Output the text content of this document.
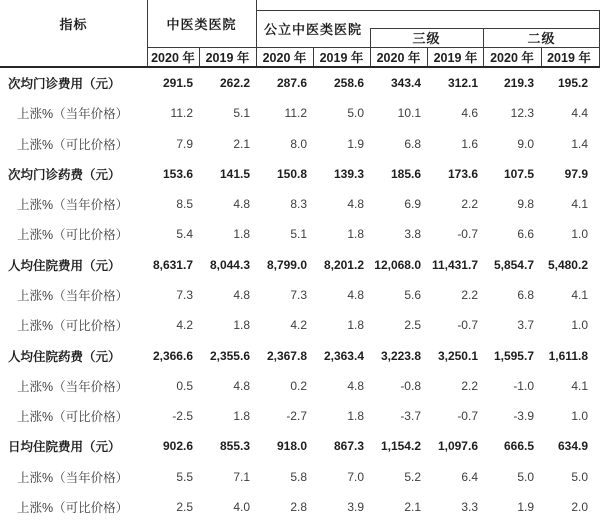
指标	中医类医院	公立中医类医院
三级	二级
2020 年 2019 年	2020 年	2019 年	2020 年	2019 年	2020 年	2019 年
次均门诊费用（元）	291.5	262.2	287.6	258.6	343.4	312.1	219.3	195.2
上涨%（当年价格）	11.2	5.1	11.2	5.0	10.1	4.6	12.3	4.4
上涨%（可比价格）	7.9	2.1	8.0	1.9	6.8	1.6	9.0	1.4
次均门诊药费（元）	153.6	141.5	150.8	139.3	185.6	173.6	107.5	97.9
上涨%（当年价格）	8.5	4.8	8.3	4.8	6.9	2.2	9.8	4.1
上涨%（可比价格）	5.4	1.8	5.1	1.8	3.8	-0.7	6.6	1.0
人均住院费用（元）	8,631.7	8,044.3	8,799.0	8,201.2 12,068.0 11,431.7	5,854.7	5,480.2
上涨%（当年价格）	7.3	4.8	7.3	4.8	5.6	2.2	6.8	4.1
上涨%（可比价格）	4.2	1.8	4.2	1.8	2.5	-0.7	3.7	1.0
人均住院药费（元）	2,366.6	2,355.6	2,367.8	2,363.4	3,223.8	3,250.1	1,595.7	1,611.8
上涨%（当年价格）	0.5	4.8	0.2	4.8	-0.8	2.2	-1.0	4.1
上涨%（可比价格）	-2.5	1.8	-2.7	1.8	-3.7	-0.7	-3.9	1.0
日均住院费用（元）	902.6	855.3	918.0	867.3	1,154.2	1,097.6	666.5	634.9
上涨%（当年价格）	5.5	7.1	5.8	7.0	5.2	6.4	5.0	5.0
上涨%（可比价格）	2.5	4.0	2.8	3.9	2.1	3.3	1.9	2.0
